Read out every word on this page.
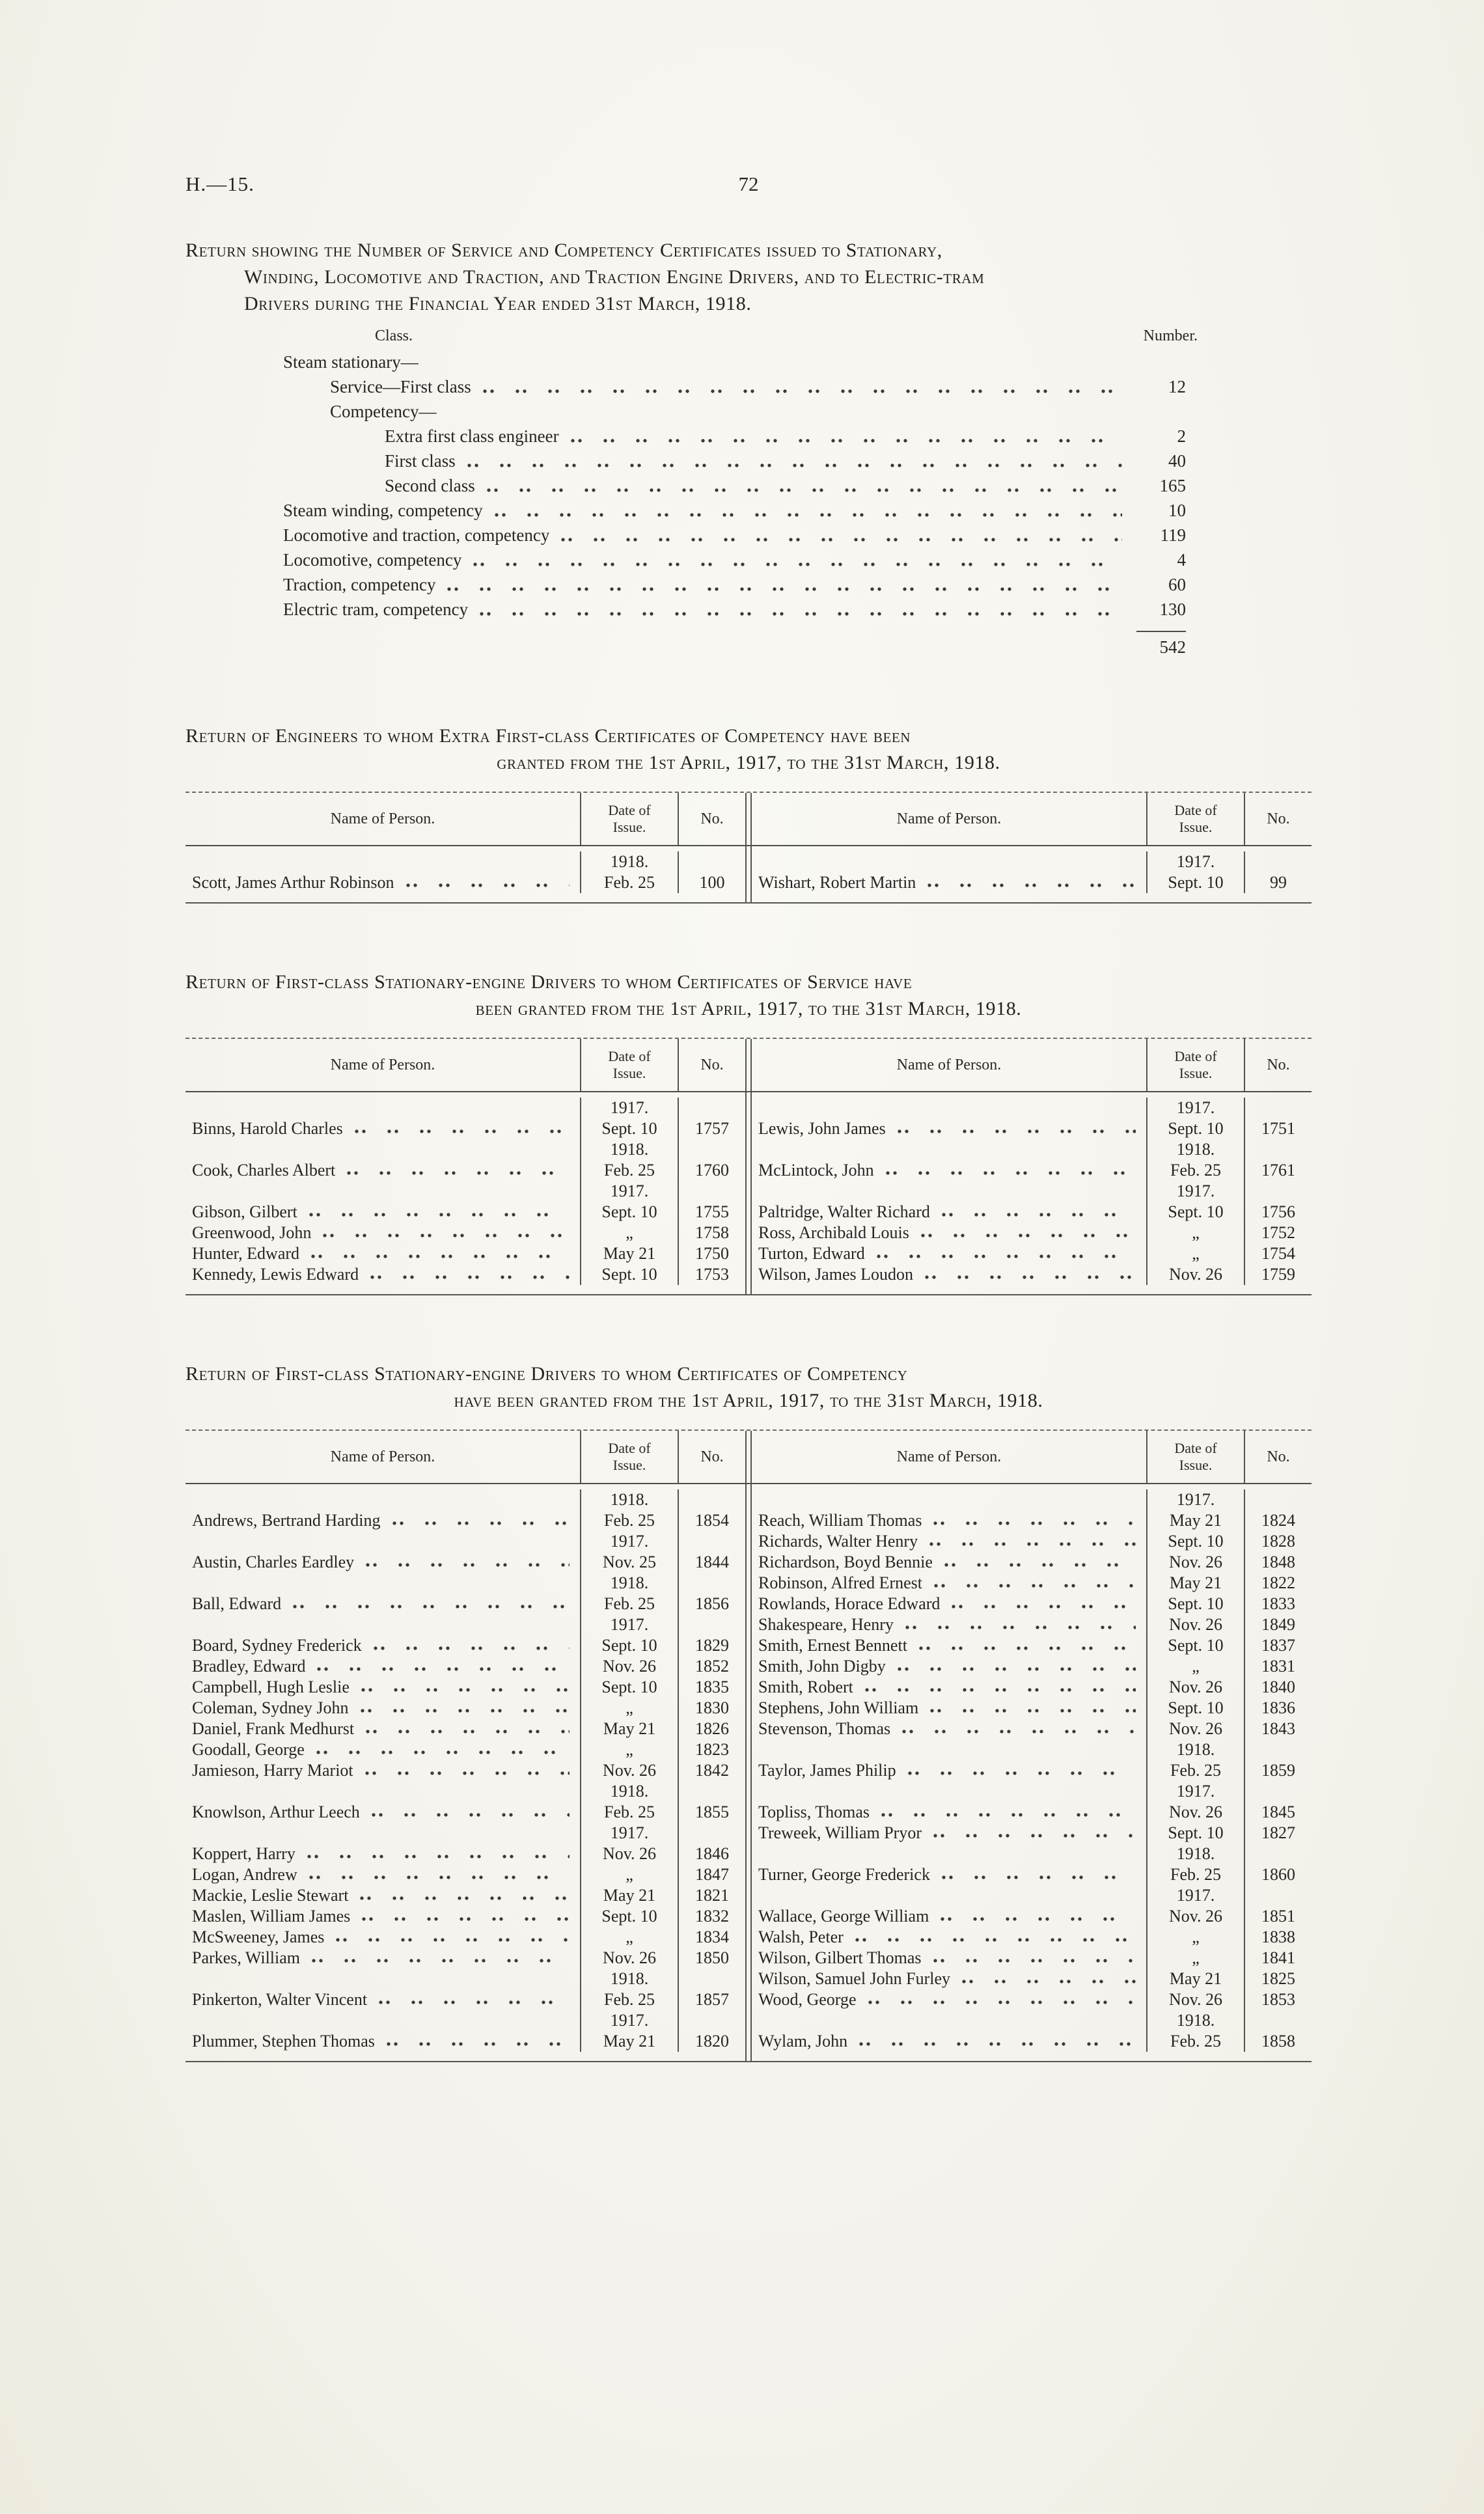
H.—15.	72
Return showing the Number of Service and Competency Certificates issued to Stationary,
Winding, Locomotive and Traction, and Traction Engine Drivers, and to Electric-tram
Drivers during the Financial Year ended 31st March, 1918.
Class.	Number.
Steam stationary—
Service—First class	12
Competency—
Extra first class engineer	2
First class	40
Second class	165
Steam winding, competency	10
Locomotive and traction, competency	119
Locomotive, competency	4
Traction, competency	60
Electric tram, competency	130
542
Return of Engineers to whom Extra First-class Certificates of Competency have been
granted from the 1st April, 1917, to the 31st March, 1918.
Name of Person.	Date of
Issue.	No.	Name of Person.	Date of
Issue.	No.
1918.
Scott, James Arthur Robinson	Feb. 25	100
1917.
Wishart, Robert Martin	Sept. 10	99
Return of First-class Stationary-engine Drivers to whom Certificates of Service have
been granted from the 1st April, 1917, to the 31st March, 1918.
Name of Person.	Date of
Issue.	No.	Name of Person.	Date of
Issue.	No.
1917.
Binns, Harold Charles	Sept. 10	1757
1918.
Cook, Charles Albert	Feb. 25	1760
1917.
Gibson, Gilbert	Sept. 10	1755
Greenwood, John	„	1758
Hunter, Edward	May 21	1750
Kennedy, Lewis Edward	Sept. 10	1753
1917.
Lewis, John James	Sept. 10	1751
1918.
McLintock, John	Feb. 25	1761
1917.
Paltridge, Walter Richard	Sept. 10	1756
Ross, Archibald Louis	„	1752
Turton, Edward	„	1754
Wilson, James Loudon	Nov. 26	1759
Return of First-class Stationary-engine Drivers to whom Certificates of Competency
have been granted from the 1st April, 1917, to the 31st March, 1918.
Name of Person.	Date of
Issue.	No.	Name of Person.	Date of
Issue.	No.
1918.
Andrews, Bertrand Harding	Feb. 25	1854
1917.
Austin, Charles Eardley	Nov. 25	1844
1918.
Ball, Edward	Feb. 25	1856
1917.
Board, Sydney Frederick	Sept. 10	1829
Bradley, Edward	Nov. 26	1852
Campbell, Hugh Leslie	Sept. 10	1835
Coleman, Sydney John	„	1830
Daniel, Frank Medhurst	May 21	1826
Goodall, George	„	1823
Jamieson, Harry Mariot	Nov. 26	1842
1918.
Knowlson, Arthur Leech	Feb. 25	1855
1917.
Koppert, Harry	Nov. 26	1846
Logan, Andrew	„	1847
Mackie, Leslie Stewart	May 21	1821
Maslen, William James	Sept. 10	1832
McSweeney, James	„	1834
Parkes, William	Nov. 26	1850
1918.
Pinkerton, Walter Vincent	Feb. 25	1857
1917.
Plummer, Stephen Thomas	May 21	1820
1917.
Reach, William Thomas	May 21	1824
Richards, Walter Henry	Sept. 10	1828
Richardson, Boyd Bennie	Nov. 26	1848
Robinson, Alfred Ernest	May 21	1822
Rowlands, Horace Edward	Sept. 10	1833
Shakespeare, Henry	Nov. 26	1849
Smith, Ernest Bennett	Sept. 10	1837
Smith, John Digby	„	1831
Smith, Robert	Nov. 26	1840
Stephens, John William	Sept. 10	1836
Stevenson, Thomas	Nov. 26	1843
1918.
Taylor, James Philip	Feb. 25	1859
1917.
Topliss, Thomas	Nov. 26	1845
Treweek, William Pryor	Sept. 10	1827
1918.
Turner, George Frederick	Feb. 25	1860
1917.
Wallace, George William	Nov. 26	1851
Walsh, Peter	„	1838
Wilson, Gilbert Thomas	„	1841
Wilson, Samuel John Furley	May 21	1825
Wood, George	Nov. 26	1853
1918.
Wylam, John	Feb. 25	1858
